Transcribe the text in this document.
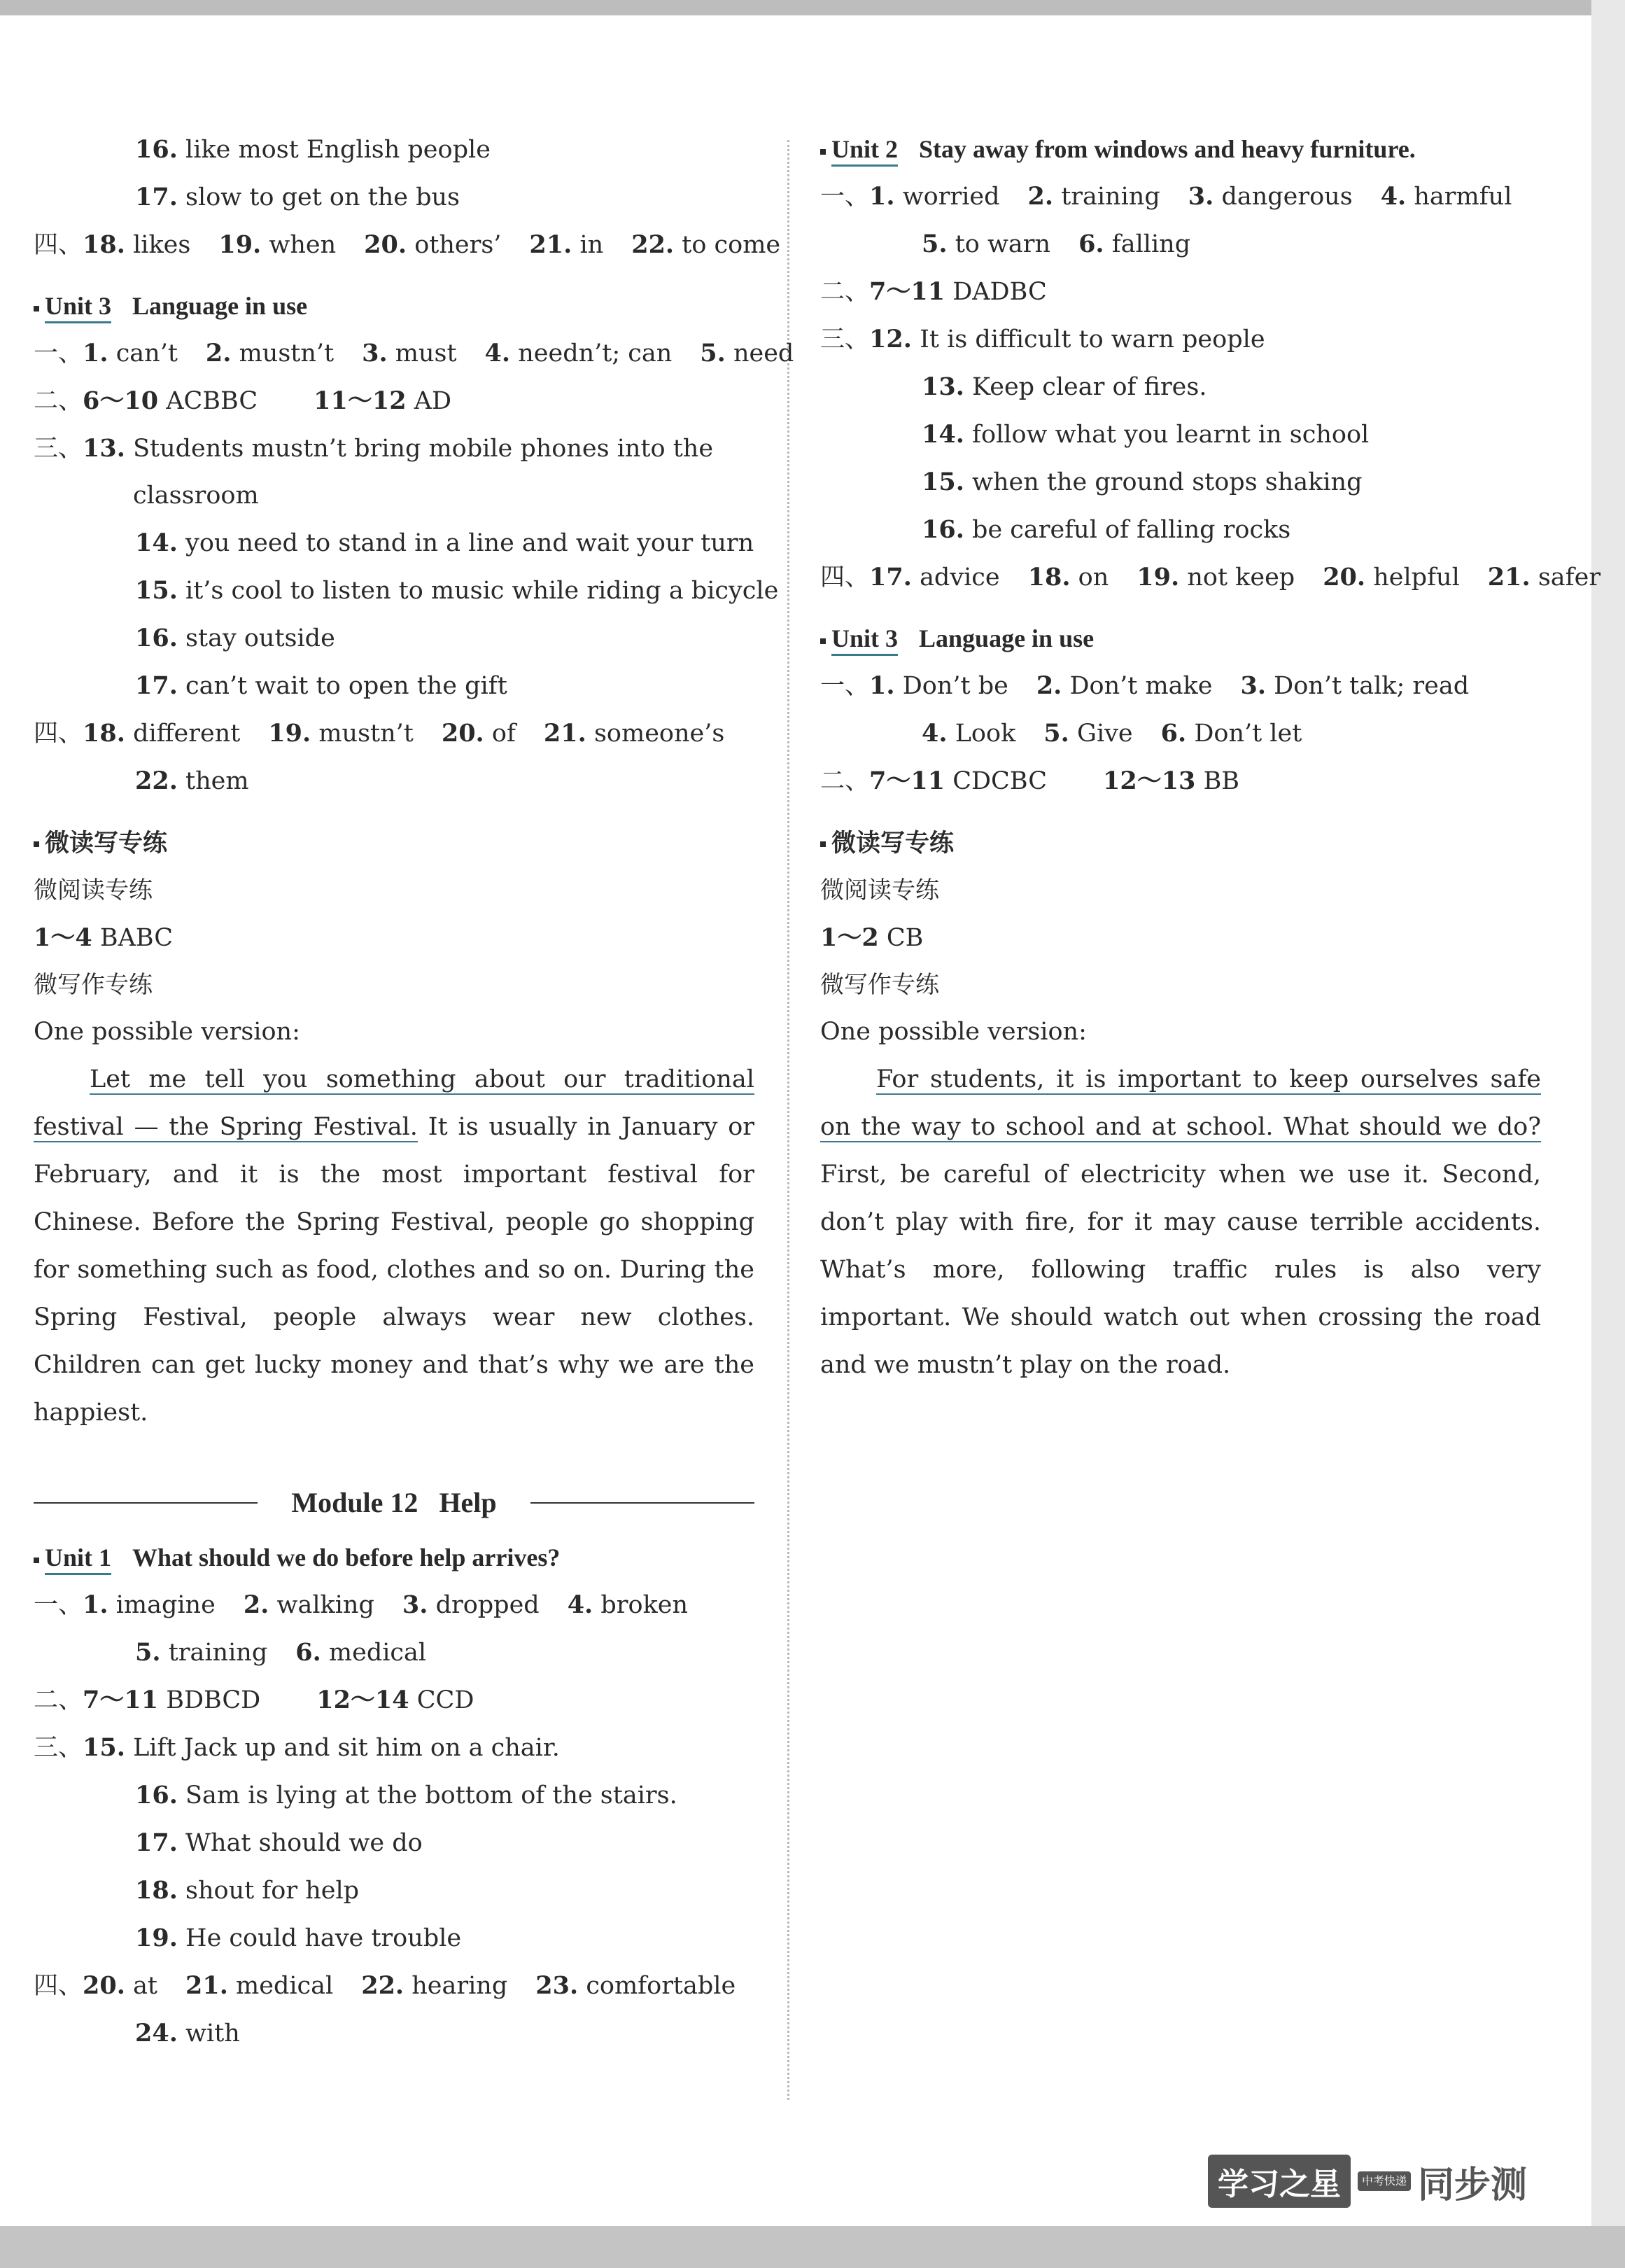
16. like most English people
17. slow to get on the bus
四、18. likes 19. when 20. others’ 21. in 22. to come
Unit 3 Language in use
一、1. can’t 2. mustn’t 3. must 4. needn’t; can 5. need
二、6～10 ACBBC 11～12 AD
三、13. Students mustn’t bring mobile phones into the
classroom
14. you need to stand in a line and wait your turn
15. it’s cool to listen to music while riding a bicycle
16. stay outside
17. can’t wait to open the gift
四、18. different 19. mustn’t 20. of 21. someone’s
22. them
微读写专练
微阅读专练
1～4 BABC
微写作专练
One possible version:

Let me tell you something about our traditional festival — the Spring Festival. It is usually in January or February, and it is the most important festival for Chinese. Before the Spring Festival, people go shopping for something such as food, clothes and so on. During the Spring Festival, people always wear new clothes. Children can get lucky money and that’s why we are the happiest.

Module 12 Help
Unit 1 What should we do before help arrives?
一、1. imagine 2. walking 3. dropped 4. broken
5. training 6. medical
二、7～11 BDBCD 12～14 CCD
三、15. Lift Jack up and sit him on a chair.
16. Sam is lying at the bottom of the stairs.
17. What should we do
18. shout for help
19. He could have trouble
四、20. at 21. medical 22. hearing 23. comfortable
24. with
Unit 2 Stay away from windows and heavy furniture.
一、1. worried 2. training 3. dangerous 4. harmful
5. to warn 6. falling
二、7～11 DADBC
三、12. It is difficult to warn people
13. Keep clear of fires.
14. follow what you learnt in school
15. when the ground stops shaking
16. be careful of falling rocks
四、17. advice 18. on 19. not keep 20. helpful 21. safer
Unit 3 Language in use
一、1. Don’t be 2. Don’t make 3. Don’t talk; read
4. Look 5. Give 6. Don’t let
二、7～11 CDCBC 12～13 BB
微读写专练
微阅读专练
1～2 CB
微写作专练
One possible version:

For students, it is important to keep ourselves safe on the way to school and at school. What should we do? First, be careful of electricity when we use it. Second, don’t play with fire, for it may cause terrible accidents. What’s more, following traffic rules is also very important. We should watch out when crossing the road and we mustn’t play on the road.

学习之星	中考快递 同步测
